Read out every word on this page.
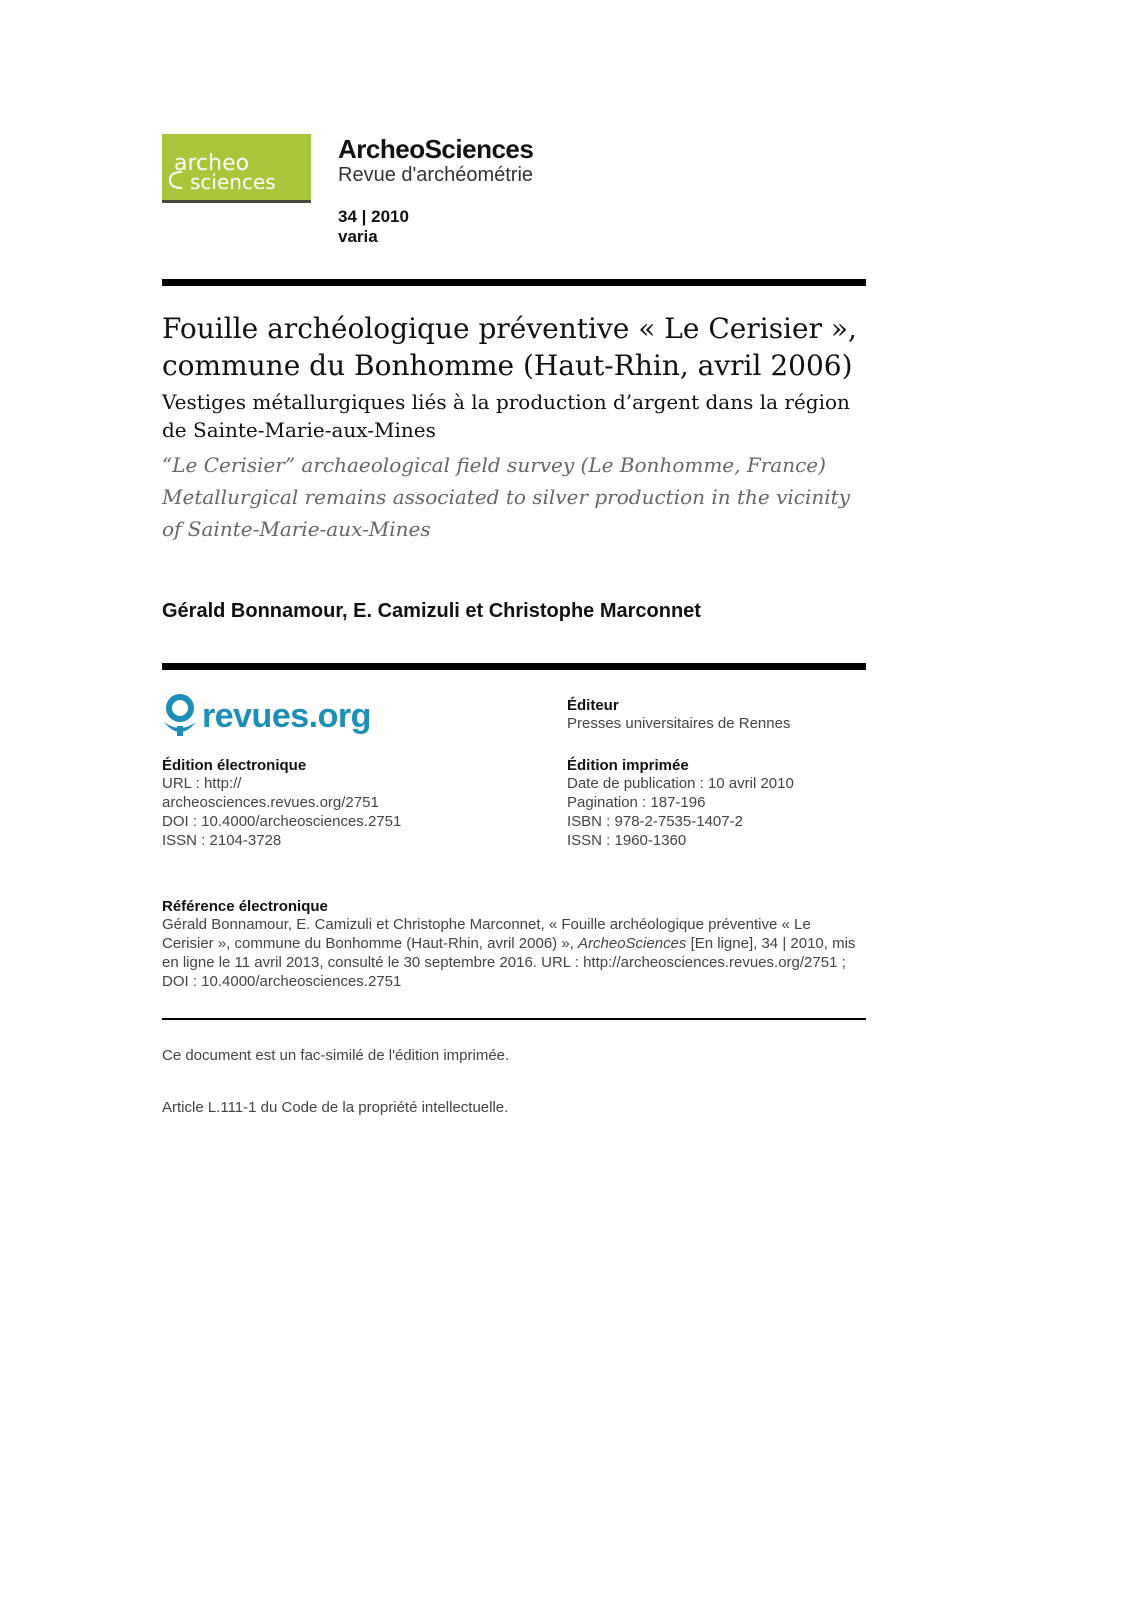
archeo
sciences
ArcheoSciences
Revue d'archéométrie
34 | 2010
varia
Fouille archéologique préventive « Le Cerisier », commune du Bonhomme (Haut-Rhin, avril 2006)
Vestiges métallurgiques liés à la production d’argent dans la région de Sainte-Marie-aux-Mines
“Le Cerisier” archaeological field survey (Le Bonhomme, France) Metallurgical remains associated to silver production in the vicinity of Sainte-Marie-aux-Mines
Gérald Bonnamour, E. Camizuli et Christophe Marconnet
revues.org	Éditeur
Presses universitaires de Rennes
Édition électronique
URL : http://
archeosciences.revues.org/2751
DOI : 10.4000/archeosciences.2751
ISSN : 2104-3728
Édition imprimée
Date de publication : 10 avril 2010
Pagination : 187-196
ISBN : 978-2-7535-1407-2
ISSN : 1960-1360
Référence électronique
Gérald Bonnamour, E. Camizuli et Christophe Marconnet, « Fouille archéologique préventive « Le Cerisier », commune du Bonhomme (Haut-Rhin, avril 2006) », ArcheoSciences [En ligne], 34 | 2010, mis en ligne le 11 avril 2013, consulté le 30 septembre 2016. URL : http://archeosciences.revues.org/2751 ; DOI : 10.4000/archeosciences.2751
Ce document est un fac-similé de l'édition imprimée.
Article L.111-1 du Code de la propriété intellectuelle.
